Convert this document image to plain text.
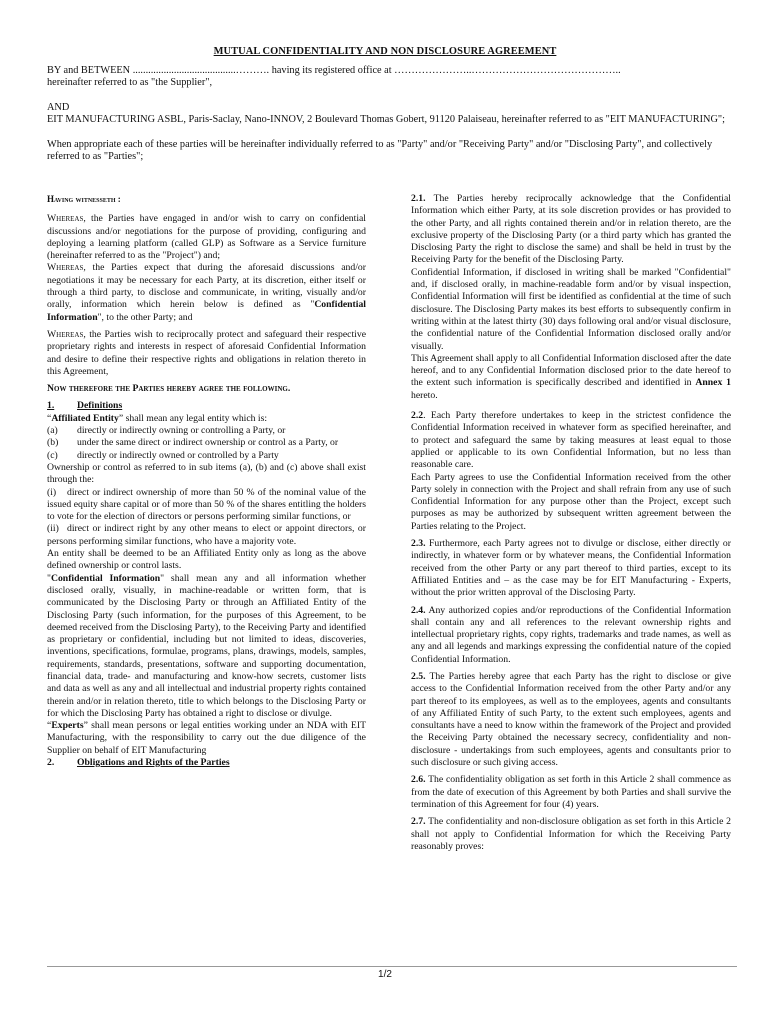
MUTUAL CONFIDENTIALITY AND NON DISCLOSURE AGREEMENT

BY and BETWEEN ........................................………. having its registered office at …………………..……………………………………..

hereinafter referred to as "the Supplier",

AND

EIT MANUFACTURING ASBL, Paris-Saclay, Nano-INNOV, 2 Boulevard Thomas Gobert, 91120 Palaiseau, hereinafter referred to as "EIT MANUFACTURING";

When appropriate each of these parties will be hereinafter individually referred to as "Party" and/or "Receiving Party" and/or "Disclosing Party", and collectively referred to as "Parties";

Having witnesseth :

Whereas, the Parties have engaged in and/or wish to carry on confidential discussions and/or negotiations for the purpose of providing, configuring and deploying a learning platform (called GLP) as Software as a Service furniture (hereinafter referred to as the "Project") and;

Whereas, the Parties expect that during the aforesaid discussions and/or negotiations it may be necessary for each Party, at its discretion, either itself or through a third party, to disclose and communicate, in writing, visually and/or orally, information which herein below is defined as "Confidential Information", to the other Party; and

Whereas, the Parties wish to reciprocally protect and safeguard their respective proprietary rights and interests in respect of aforesaid Confidential Information and desire to define their respective rights and obligations in relation thereto in this Agreement,

Now therefore the Parties hereby agree the following.

1. Definitions

“Affiliated Entity” shall mean any legal entity which is:

(a) directly or indirectly owning or controlling a Party, or

(b) under the same direct or indirect ownership or control as a Party, or

(c) directly or indirectly owned or controlled by a Party

Ownership or control as referred to in sub items (a), (b) and (c) above shall exist through the:

(i) direct or indirect ownership of more than 50 % of the nominal value of the issued equity share capital or of more than 50 % of the shares entitling the holders to vote for the election of directors or persons performing similar functions, or

(ii) direct or indirect right by any other means to elect or appoint directors, or persons performing similar functions, who have a majority vote.

An entity shall be deemed to be an Affiliated Entity only as long as the above defined ownership or control lasts.

"Confidential Information" shall mean any and all information whether disclosed orally, visually, in machine-readable or written form, that is communicated by the Disclosing Party or through an Affiliated Entity of the Disclosing Party (such information, for the purposes of this Agreement, to be deemed received from the Disclosing Party), to the Receiving Party and identified as proprietary or confidential, including but not limited to ideas, discoveries, inventions, specifications, formulae, programs, plans, drawings, models, samples, requirements, standards, presentations, software and supporting documentation, financial data, trade- and manufacturing and know-how secrets, customer lists and data as well as any and all intellectual and industrial property rights contained therein and/or in relation thereto, title to which belongs to the Disclosing Party or for which the Disclosing Party has obtained a right to disclose or divulge.

“Experts” shall mean persons or legal entities working under an NDA with EIT Manufacturing, with the responsibility to carry out the due diligence of the Supplier on behalf of EIT Manufacturing

2. Obligations and Rights of the Parties

2.1. The Parties hereby reciprocally acknowledge that the Confidential Information which either Party, at its sole discretion provides or has provided to the other Party, and all rights contained therein and/or in relation thereto, are the exclusive property of the Disclosing Party (or a third party which has granted the Disclosing Party the right to disclose the same) and shall be held in trust by the Receiving Party for the benefit of the Disclosing Party.

Confidential Information, if disclosed in writing shall be marked "Confidential" and, if disclosed orally, in machine-readable form and/or by visual inspection, Confidential Information will first be identified as confidential at the time of such disclosure. The Disclosing Party makes its best efforts to subsequently confirm in writing within at the latest thirty (30) days following oral and/or visual disclosure, the confidential nature of the Confidential Information disclosed orally and/or visually.

This Agreement shall apply to all Confidential Information disclosed after the date hereof, and to any Confidential Information disclosed prior to the date hereof to the extent such information is specifically described and identified in Annex 1 hereto.

2.2. Each Party therefore undertakes to keep in the strictest confidence the Confidential Information received in whatever form as specified hereinafter, and to protect and safeguard the same by taking measures at least equal to those applied or applicable to its own Confidential Information, but no less than reasonable care.

Each Party agrees to use the Confidential Information received from the other Party solely in connection with the Project and shall refrain from any use of such Confidential Information for any purpose other than the Project, except such purposes as may be authorized by subsequent written agreement between the Parties relating to the Project.

2.3. Furthermore, each Party agrees not to divulge or disclose, either directly or indirectly, in whatever form or by whatever means, the Confidential Information received from the other Party or any part thereof to third parties, except to its Affiliated Entities and – as the case may be for EIT Manufacturing - Experts, without the prior written approval of the Disclosing Party.

2.4. Any authorized copies and/or reproductions of the Confidential Information shall contain any and all references to the relevant ownership rights and intellectual proprietary rights, copy rights, trademarks and trade names, as well as any and all legends and markings expressing the confidential nature of the copied Confidential Information.

2.5. The Parties hereby agree that each Party has the right to disclose or give access to the Confidential Information received from the other Party and/or any part thereof to its employees, as well as to the employees, agents and consultants of any Affiliated Entity of such Party, to the extent such employees, agents and consultants have a need to know within the framework of the Project and provided the Receiving Party obtained the necessary secrecy, confidentiality and non-disclosure - undertakings from such employees, agents and consultants prior to such disclosure or such giving access.

2.6. The confidentiality obligation as set forth in this Article 2 shall commence as from the date of execution of this Agreement by both Parties and shall survive the termination of this Agreement for four (4) years.

2.7. The confidentiality and non-disclosure obligation as set forth in this Article 2 shall not apply to Confidential Information for which the Receiving Party reasonably proves:

1/2
